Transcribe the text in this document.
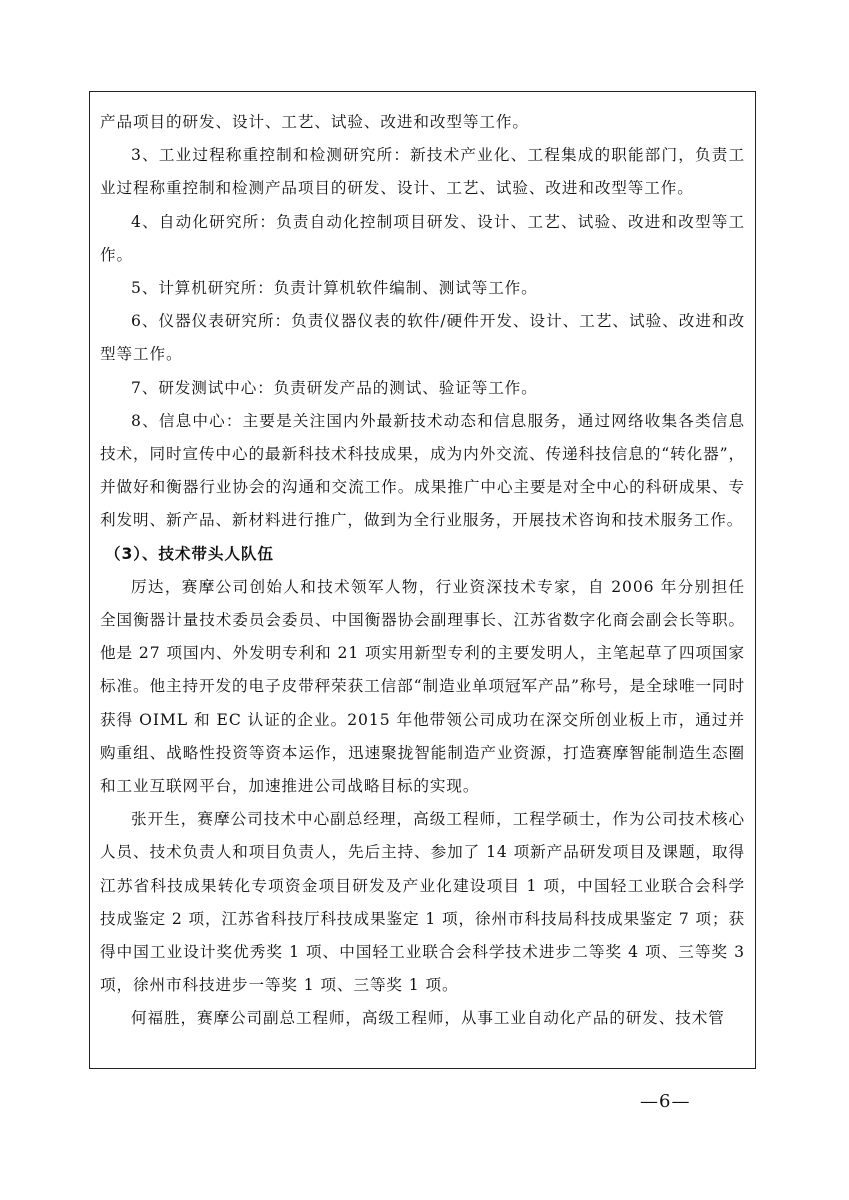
产品项目的研发、设计、工艺、试验、改进和改型等工作。

3、工业过程称重控制和检测研究所：新技术产业化、工程集成的职能部门，负责工业过程称重控制和检测产品项目的研发、设计、工艺、试验、改进和改型等工作。

4、自动化研究所：负责自动化控制项目研发、设计、工艺、试验、改进和改型等工作。

5、计算机研究所：负责计算机软件编制、测试等工作。

6、仪器仪表研究所：负责仪器仪表的软件/硬件开发、设计、工艺、试验、改进和改型等工作。

7、研发测试中心：负责研发产品的测试、验证等工作。

8、信息中心：主要是关注国内外最新技术动态和信息服务，通过网络收集各类信息技术，同时宣传中心的最新科技术科技成果，成为内外交流、传递科技信息的“转化器”，并做好和衡器行业协会的沟通和交流工作。成果推广中心主要是对全中心的科研成果、专利发明、新产品、新材料进行推广，做到为全行业服务，开展技术咨询和技术服务工作。

（3）、技术带头人队伍

厉达，赛摩公司创始人和技术领军人物，行业资深技术专家，自 2006 年分别担任全国衡器计量技术委员会委员、中国衡器协会副理事长、江苏省数字化商会副会长等职。他是 27 项国内、外发明专利和 21 项实用新型专利的主要发明人，主笔起草了四项国家标准。他主持开发的电子皮带秤荣获工信部“制造业单项冠军产品”称号，是全球唯一同时获得 OIML 和 EC 认证的企业。2015 年他带领公司成功在深交所创业板上市，通过并购重组、战略性投资等资本运作，迅速聚拢智能制造产业资源，打造赛摩智能制造生态圈和工业互联网平台，加速推进公司战略目标的实现。

张开生，赛摩公司技术中心副总经理，高级工程师，工程学硕士，作为公司技术核心人员、技术负责人和项目负责人，先后主持、参加了 14 项新产品研发项目及课题，取得江苏省科技成果转化专项资金项目研发及产业化建设项目 1 项，中国轻工业联合会科学技成鉴定 2 项，江苏省科技厅科技成果鉴定 1 项，徐州市科技局科技成果鉴定 7 项；获得中国工业设计奖优秀奖 1 项、中国轻工业联合会科学技术进步二等奖 4 项、三等奖 3 项，徐州市科技进步一等奖 1 项、三等奖 1 项。

何福胜，赛摩公司副总工程师，高级工程师，从事工业自动化产品的研发、技术管

—6—
